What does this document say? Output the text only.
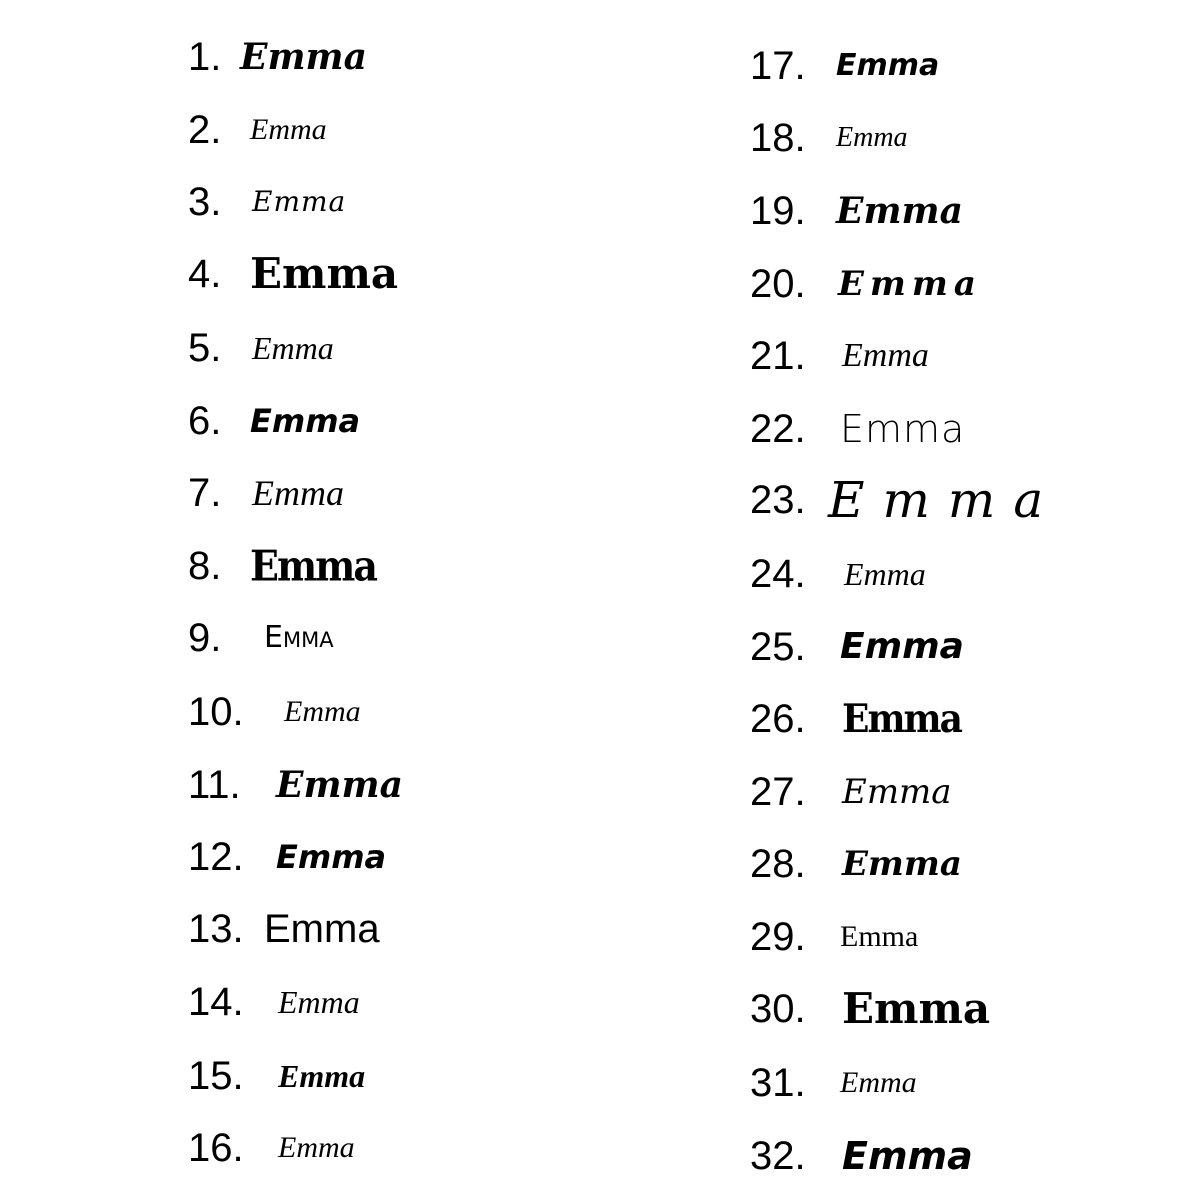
1. Emma
2. Emma
3.	Emma
4. Emma
5. Emma
6. Emma
7. Emma
8. Emma
9.	Emma
10.	Emma
11. Emma
12.	Emma
13. Emma
14.	Emma
15.	Emma
16.	Emma
17.	Emma
18.	Emma
19. Emma
20. Emma
21.	Emma
22. Emma
23. Emma
24.	Emma
25. Emma
26.	Emma
27.	Emma
28.	Emma
29.	Emma
30. Emma
31.	Emma
32. Emma
